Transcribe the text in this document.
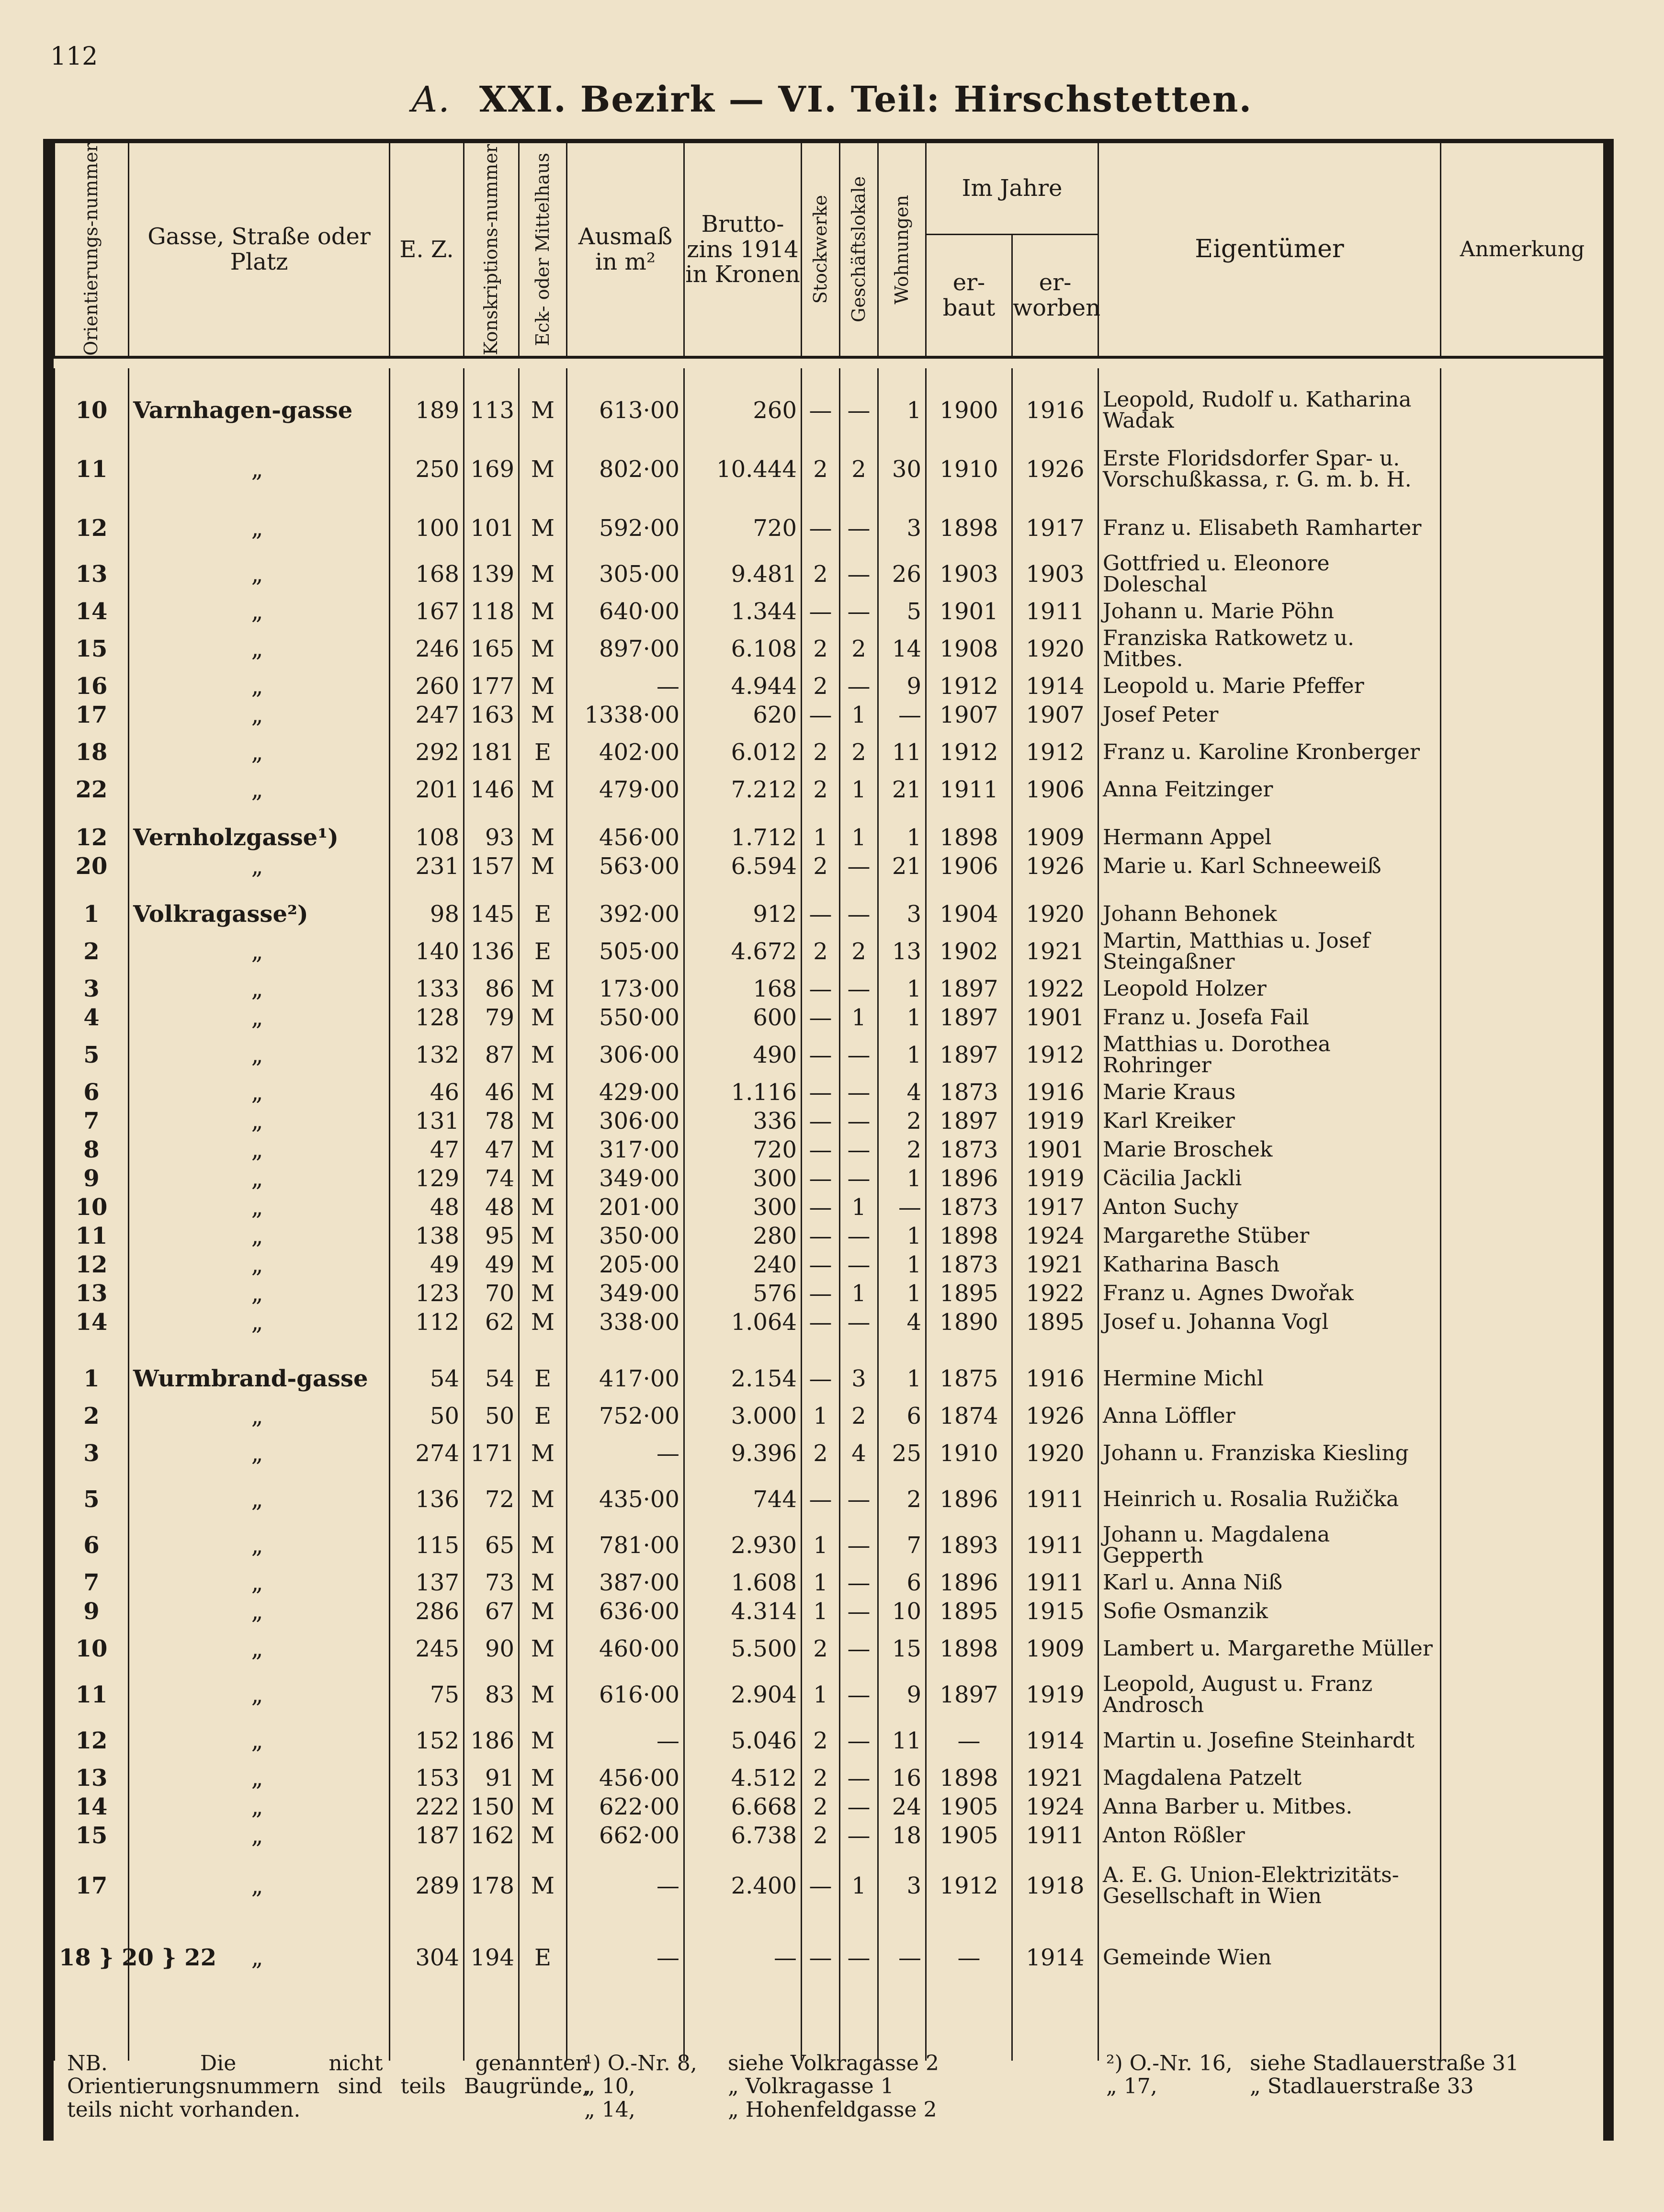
112
A. XXI. Bezirk — VI. Teil: Hirschstetten.
Orientierungs-nummer	Gasse, Straße oder Platz	E. Z.	Konskriptions-nummer	Eck- oder Mittelhaus	Ausmaß in m²	Brutto-zins 1914 in Kronen	Stockwerke	Geschäftslokale	Wohnungen	Im Jahre		Eigentümer	Anmerkung
										er-baut	er-worben		

10	Varnhagen-gasse	189	113	M	613·00	260	—	—	1	1900	1916	Leopold, Rudolf u. Katharina Wadak	
11	„	250	169	M	802·00	10.444	2	2	30	1910	1926	Erste Floridsdorfer Spar- u. Vorschußkassa, r. G. m. b. H.	
12	„	100	101	M	592·00	720	—	—	3	1898	1917	Franz u. Elisabeth Ramharter	
13	„	168	139	M	305·00	9.481	2	—	26	1903	1903	Gottfried u. Eleonore Doleschal	
14	„	167	118	M	640·00	1.344	—	—	5	1901	1911	Johann u. Marie Pöhn	
15	„	246	165	M	897·00	6.108	2	2	14	1908	1920	Franziska Ratkowetz u. Mitbes.	
16	„	260	177	M	—	4.944	2	—	9	1912	1914	Leopold u. Marie Pfeffer	
17	„	247	163	M	1338·00	620	—	1	—	1907	1907	Josef Peter	
18	„	292	181	E	402·00	6.012	2	2	11	1912	1912	Franz u. Karoline Kronberger	
22	„	201	146	M	479·00	7.212	2	1	21	1911	1906	Anna Feitzinger	

12	Vernholzgasse¹)	108	93	M	456·00	1.712	1	1	1	1898	1909	Hermann Appel	
20	„	231	157	M	563·00	6.594	2	—	21	1906	1926	Marie u. Karl Schneeweiß	

1	Volkragasse²)	98	145	E	392·00	912	—	—	3	1904	1920	Johann Behonek	
2	„	140	136	E	505·00	4.672	2	2	13	1902	1921	Martin, Matthias u. Josef Steingaßner	
3	„	133	86	M	173·00	168	—	—	1	1897	1922	Leopold Holzer	
4	„	128	79	M	550·00	600	—	1	1	1897	1901	Franz u. Josefa Fail	
5	„	132	87	M	306·00	490	—	—	1	1897	1912	Matthias u. Dorothea Rohringer	
6	„	46	46	M	429·00	1.116	—	—	4	1873	1916	Marie Kraus	
7	„	131	78	M	306·00	336	—	—	2	1897	1919	Karl Kreiker	
8	„	47	47	M	317·00	720	—	—	2	1873	1901	Marie Broschek	
9	„	129	74	M	349·00	300	—	—	1	1896	1919	Cäcilia Jackli	
10	„	48	48	M	201·00	300	—	1	—	1873	1917	Anton Suchy	
11	„	138	95	M	350·00	280	—	—	1	1898	1924	Margarethe Stüber	
12	„	49	49	M	205·00	240	—	—	1	1873	1921	Katharina Basch	
13	„	123	70	M	349·00	576	—	1	1	1895	1922	Franz u. Agnes Dwořak	
14	„	112	62	M	338·00	1.064	—	—	4	1890	1895	Josef u. Johanna Vogl	

1	Wurmbrand-gasse	54	54	E	417·00	2.154	—	3	1	1875	1916	Hermine Michl	
2	„	50	50	E	752·00	3.000	1	2	6	1874	1926	Anna Löffler	
3	„	274	171	M	—	9.396	2	4	25	1910	1920	Johann u. Franziska Kiesling	
5	„	136	72	M	435·00	744	—	—	2	1896	1911	Heinrich u. Rosalia Ružička	
6	„	115	65	M	781·00	2.930	1	—	7	1893	1911	Johann u. Magdalena Gepperth	
7	„	137	73	M	387·00	1.608	1	—	6	1896	1911	Karl u. Anna Niß	
9	„	286	67	M	636·00	4.314	1	—	10	1895	1915	Sofie Osmanzik	
10	„	245	90	M	460·00	5.500	2	—	15	1898	1909	Lambert u. Margarethe Müller	
11	„	75	83	M	616·00	2.904	1	—	9	1897	1919	Leopold, August u. Franz Androsch	
12	„	152	186	M	—	5.046	2	—	11	—	1914	Martin u. Josefine Steinhardt	
13	„	153	91	M	456·00	4.512	2	—	16	1898	1921	Magdalena Patzelt	
14	„	222	150	M	622·00	6.668	2	—	24	1905	1924	Anna Barber u. Mitbes.	
15	„	187	162	M	662·00	6.738	2	—	18	1905	1911	Anton Rößler	
17	„	289	178	M	—	2.400	—	1	3	1912	1918	A. E. G. Union-Elektrizitäts-Gesellschaft in Wien	
18 } 20 } 22	„	304	194	E	—	—	—	—	—	—	1914	Gemeinde Wien	

NB. Die nicht genannten Orientierungsnummern sind teils Baugründe, teils nicht vorhanden.
¹) O.-Nr. 8,	siehe Volkragasse 2
„ 10,	„ Volkragasse 1
„ 14,	„ Hohenfeldgasse 2
²) O.-Nr. 16, siehe Stadlauerstraße 31
„ 17,	„ Stadlauerstraße 33
